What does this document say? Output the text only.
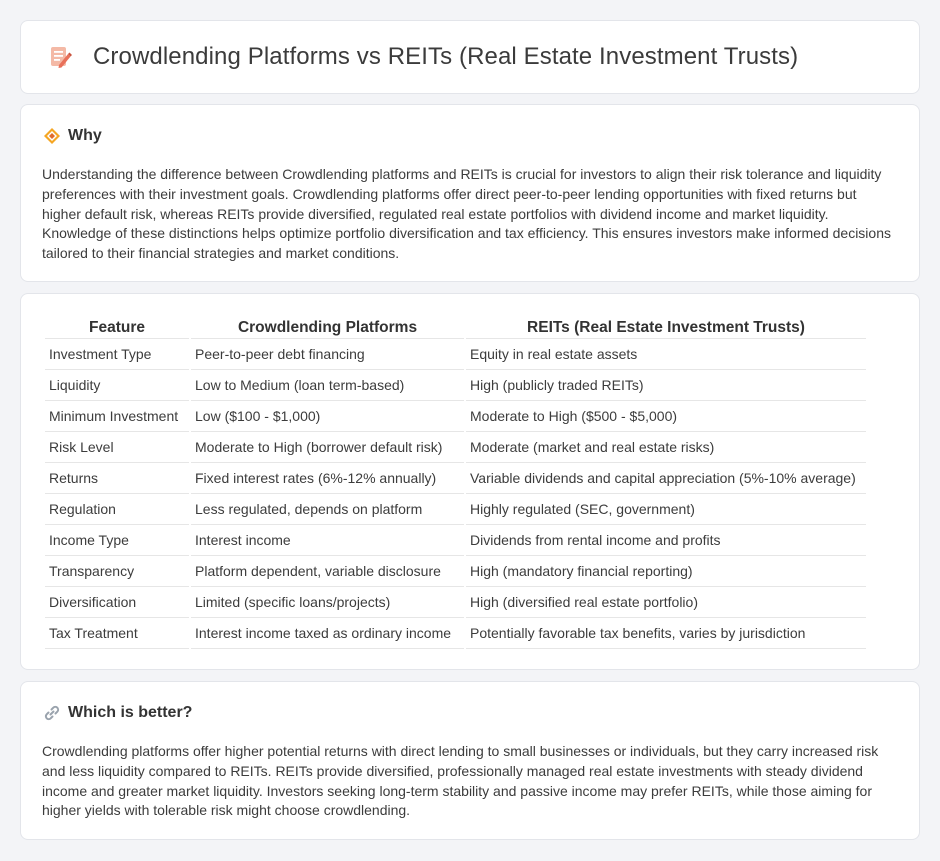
Crowdlending Platforms vs REITs (Real Estate Investment Trusts)
Why

Understanding the difference between Crowdlending platforms and REITs is crucial for investors to align their risk tolerance and liquidity preferences with their investment goals. Crowdlending platforms offer direct peer-to-peer lending opportunities with fixed returns but higher default risk, whereas REITs provide diversified, regulated real estate portfolios with dividend income and market liquidity. Knowledge of these distinctions helps optimize portfolio diversification and tax efficiency. This ensures investors make informed decisions tailored to their financial strategies and market conditions.

Feature	Crowdlending Platforms	REITs (Real Estate Investment Trusts)
Investment Type	Peer-to-peer debt financing	Equity in real estate assets
Liquidity	Low to Medium (loan term-based)	High (publicly traded REITs)
Minimum Investment	Low ($100 - $1,000)	Moderate to High ($500 - $5,000)
Risk Level	Moderate to High (borrower default risk)	Moderate (market and real estate risks)
Returns	Fixed interest rates (6%-12% annually)	Variable dividends and capital appreciation (5%-10% average)
Regulation	Less regulated, depends on platform	Highly regulated (SEC, government)
Income Type	Interest income	Dividends from rental income and profits
Transparency	Platform dependent, variable disclosure	High (mandatory financial reporting)
Diversification	Limited (specific loans/projects)	High (diversified real estate portfolio)
Tax Treatment	Interest income taxed as ordinary income	Potentially favorable tax benefits, varies by jurisdiction
Which is better?

Crowdlending platforms offer higher potential returns with direct lending to small businesses or individuals, but they carry increased risk and less liquidity compared to REITs. REITs provide diversified, professionally managed real estate investments with steady dividend income and greater market liquidity. Investors seeking long-term stability and passive income may prefer REITs, while those aiming for higher yields with tolerable risk might choose crowdlending.
